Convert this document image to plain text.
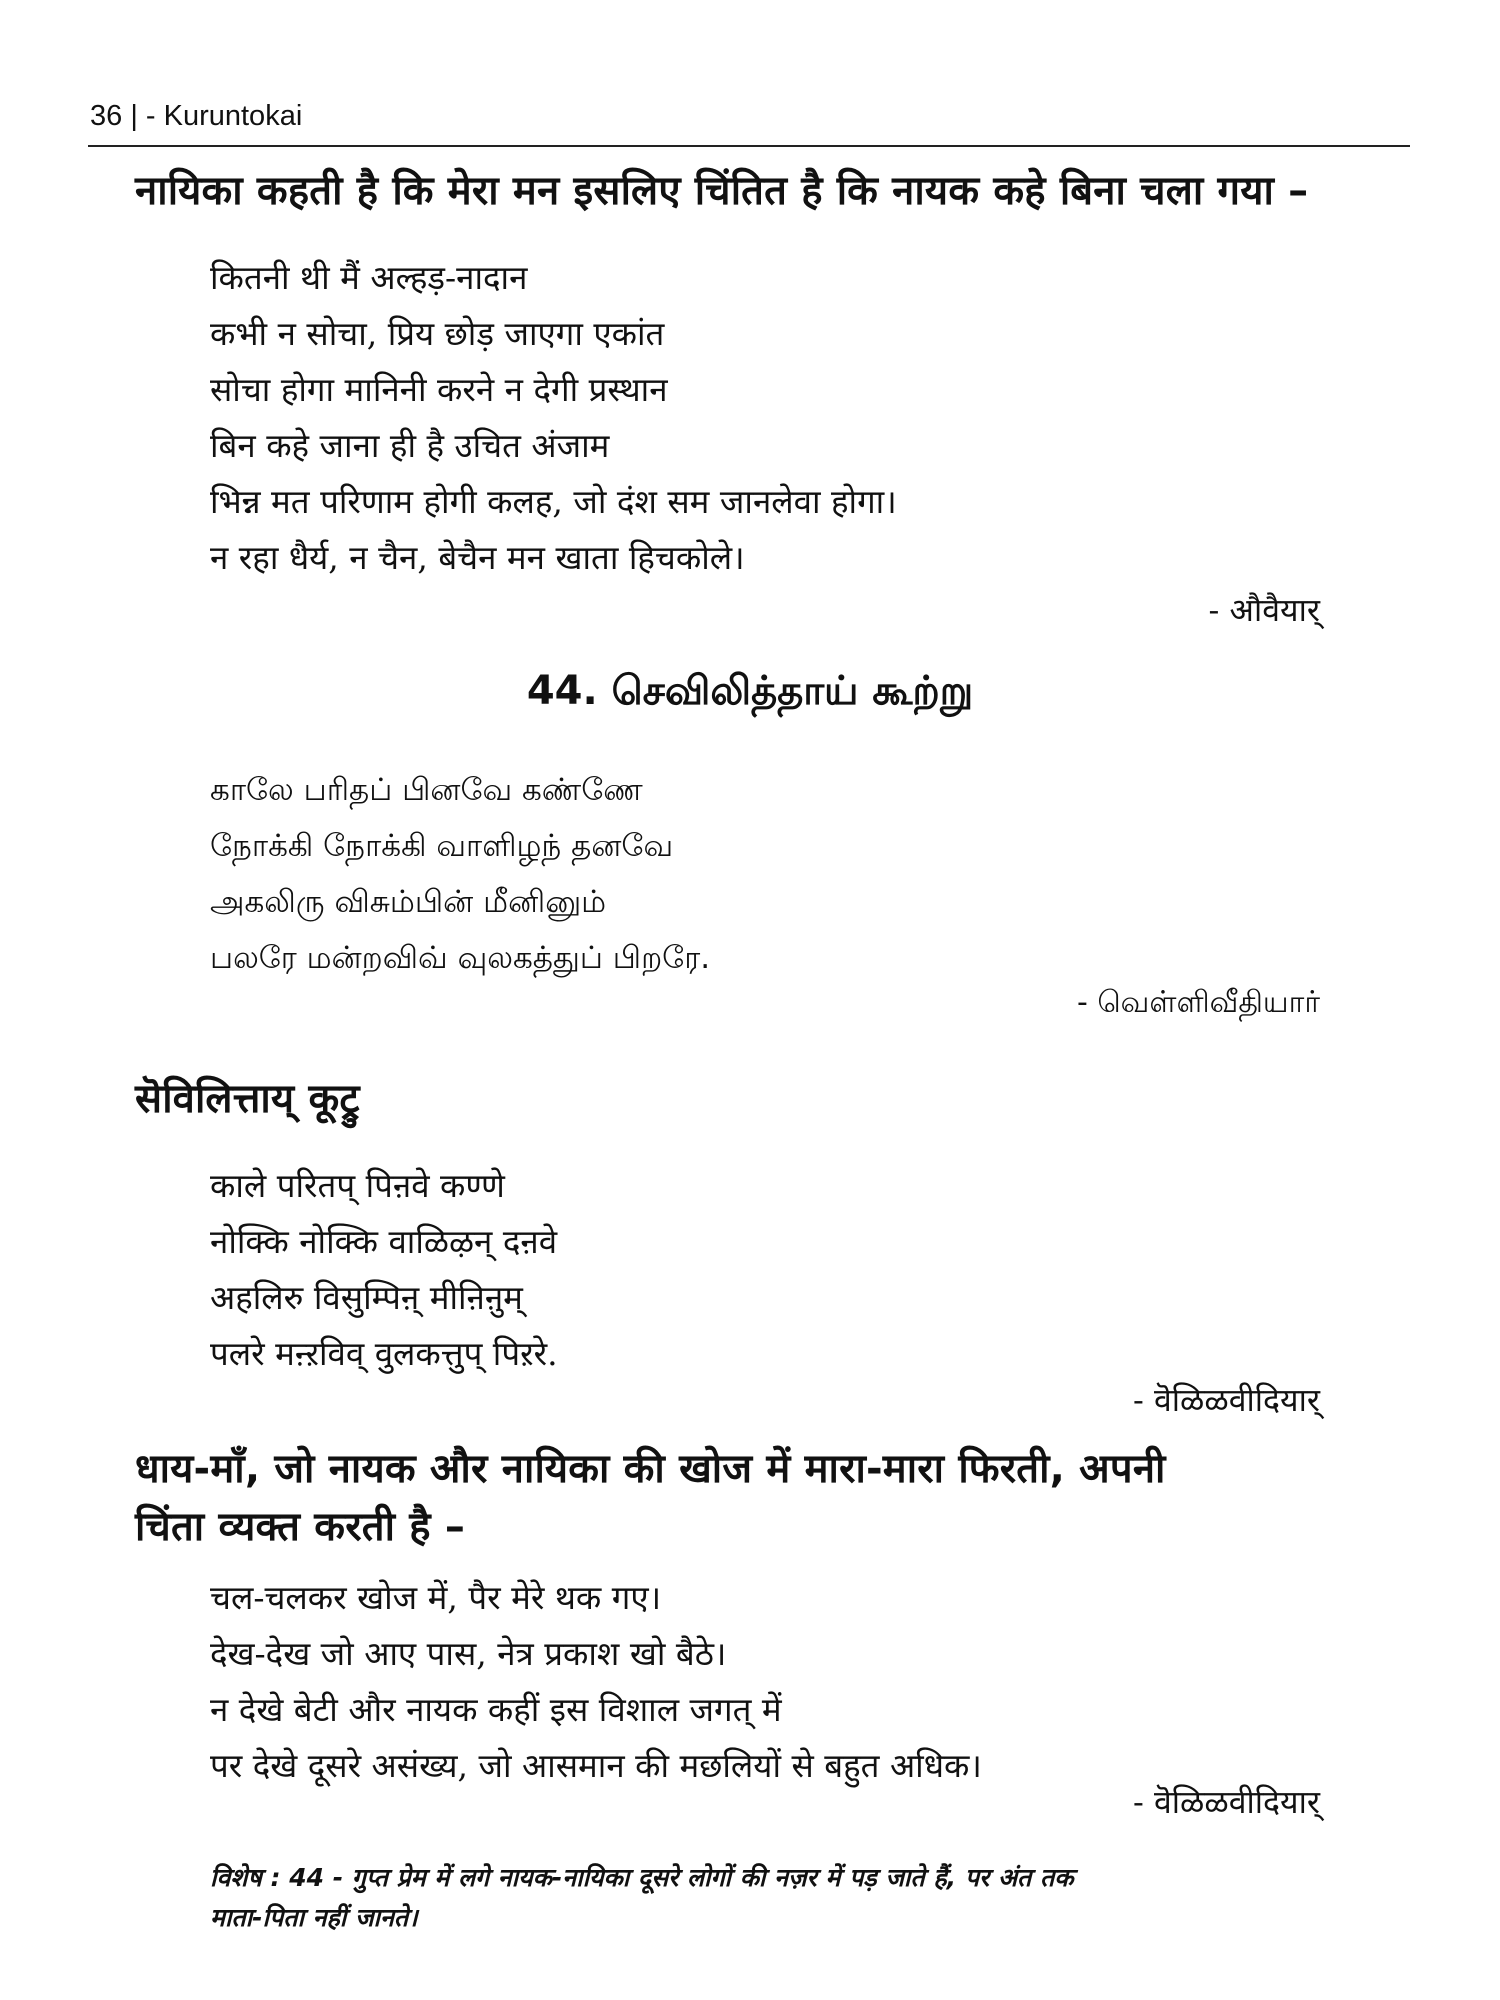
36 | - Kuruntokai
नायिका कहती है कि मेरा मन इसलिए चिंतित है कि नायक कहे बिना चला गया –
कितनी थी मैं अल्हड़-नादान
कभी न सोचा, प्रिय छोड़ जाएगा एकांत
सोचा होगा मानिनी करने न देगी प्रस्थान
बिन कहे जाना ही है उचित अंजाम
भिन्न मत परिणाम होगी कलह, जो दंश सम जानलेवा होगा।
न रहा धैर्य, न चैन, बेचैन मन खाता हिचकोले।
- औवैयार्
44. செவிலித்தாய் கூற்று
காலே பரிதப் பினவே கண்ணே
நோக்கி நோக்கி வாளிழந் தனவே
அகலிரு விசும்பின் மீனினும்
பலரே மன்றவிவ் வுலகத்துப் பிறரே.
- வெள்ளிவீதியார்
सॆविलित्ताय् कूट्रु
काले परितप् पिऩवे कण्णे
नोक्कि नोक्कि वाळिऴन् दऩवे
अहलिरु विसुम्पिऩ् मीऩिऩुम्
पलरे मऩ्ऱविव् वुलकत्तुप् पिऱरे.
- वॆळिळवीदियार्
धाय-माँ, जो नायक और नायिका की खोज में मारा-मारा फिरती, अपनी
चिंता व्यक्त करती है –
चल-चलकर खोज में, पैर मेरे थक गए।
देख-देख जो आए पास, नेत्र प्रकाश खो बैठे।
न देखे बेटी और नायक कहीं इस विशाल जगत् में
पर देखे दूसरे असंख्य, जो आसमान की मछलियों से बहुत अधिक।
- वॆळिळवीदियार्
विशेष : 44 - गुप्त प्रेम में लगे नायक-नायिका दूसरे लोगों की नज़र में पड़ जाते हैं, पर अंत तक
माता-पिता नहीं जानते।
